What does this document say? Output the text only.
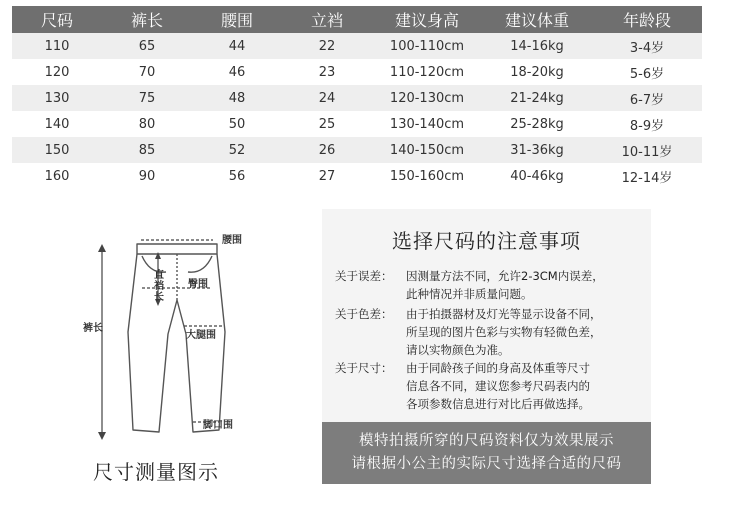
尺码	裤长	腰围	立裆	建议身高	建议体重	年龄段
110	65	44	22	100-110cm	14-16kg	3-4岁
120	70	46	23	110-120cm	18-20kg	5-6岁
130	75	48	24	120-130cm	21-24kg	6-7岁
140	80	50	25	130-140cm	25-28kg	8-9岁
150	85	52	26	140-150cm	31-36kg	10-11岁
160	90	56	27	150-160cm	40-46kg	12-14岁
腰围
直裆长
臀围
裤长
大腿围
脚口围
尺寸测量图示
选择尺码的注意事项
关于误差： 因测量方法不同，允许2-3CM内误差，
此种情况并非质量问题。
关于色差： 由于拍摄器材及灯光等显示设备不同，
所呈现的图片色彩与实物有轻微色差，
请以实物颜色为准。
关于尺寸： 由于同龄孩子间的身高及体重等尺寸
信息各不同，建议您参考尺码表内的
各项参数信息进行对比后再做选择。
模特拍摄所穿的尺码资料仅为效果展示
请根据小公主的实际尺寸选择合适的尺码
